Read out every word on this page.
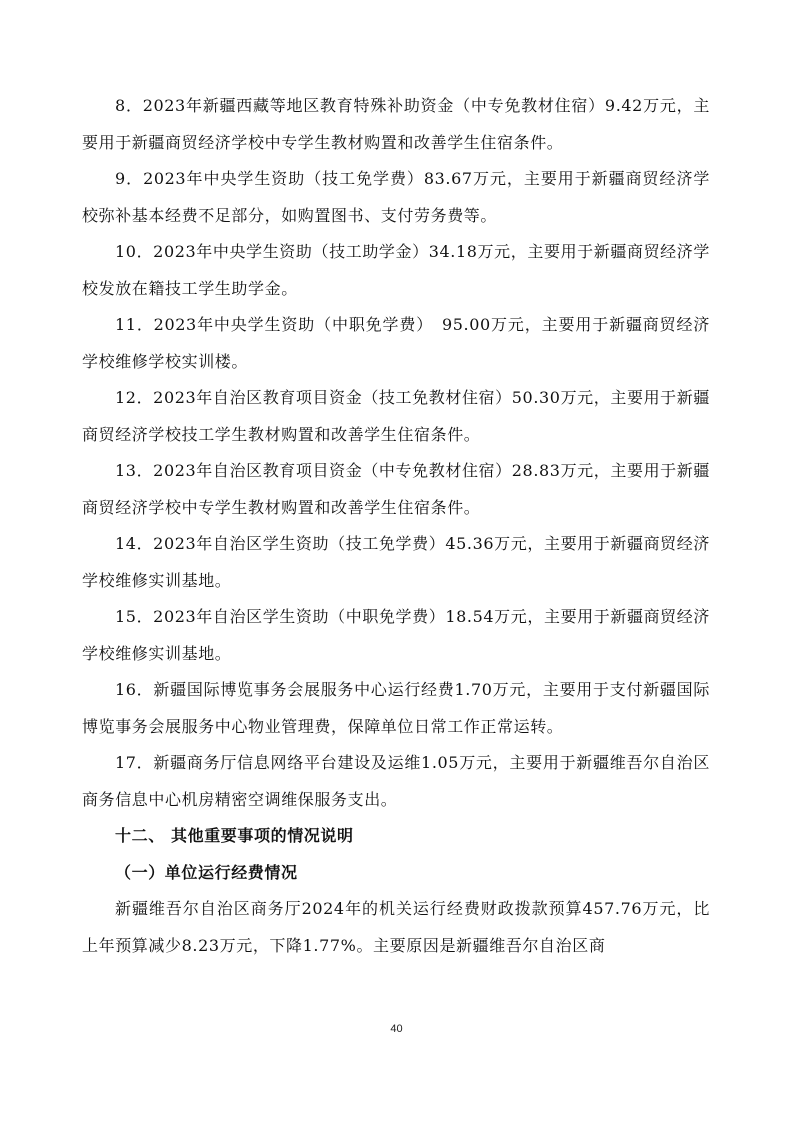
8．2023年新疆西藏等地区教育特殊补助资金（中专免教材住宿）9.42万元，主要用于新疆商贸经济学校中专学生教材购置和改善学生住宿条件。

9．2023年中央学生资助（技工免学费）83.67万元，主要用于新疆商贸经济学校弥补基本经费不足部分，如购置图书、支付劳务费等。

10．2023年中央学生资助（技工助学金）34.18万元，主要用于新疆商贸经济学校发放在籍技工学生助学金。

11．2023年中央学生资助（中职免学费）　95.00万元，主要用于新疆商贸经济学校维修学校实训楼。

12．2023年自治区教育项目资金（技工免教材住宿）50.30万元，主要用于新疆商贸经济学校技工学生教材购置和改善学生住宿条件。

13．2023年自治区教育项目资金（中专免教材住宿）28.83万元，主要用于新疆商贸经济学校中专学生教材购置和改善学生住宿条件。

14．2023年自治区学生资助（技工免学费）45.36万元，主要用于新疆商贸经济学校维修实训基地。

15．2023年自治区学生资助（中职免学费）18.54万元，主要用于新疆商贸经济学校维修实训基地。

16．新疆国际博览事务会展服务中心运行经费1.70万元，主要用于支付新疆国际博览事务会展服务中心物业管理费，保障单位日常工作正常运转。

17．新疆商务厅信息网络平台建设及运维1.05万元，主要用于新疆维吾尔自治区商务信息中心机房精密空调维保服务支出。

十二、 其他重要事项的情况说明

（一）单位运行经费情况

新疆维吾尔自治区商务厅2024年的机关运行经费财政拨款预算457.76万元，比上年预算减少8.23万元，下降1.77%。主要原因是新疆维吾尔自治区商

40
